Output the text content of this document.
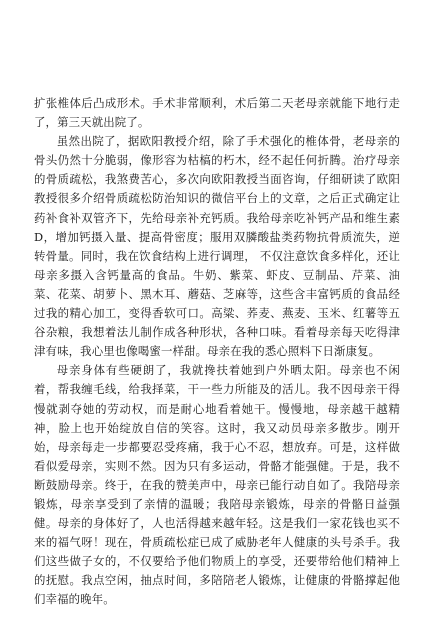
扩张椎体后凸成形术。手术非常顺利，术后第二天老母亲就能下地行走了，第三天就出院了。

虽然出院了，据欧阳教授介绍，除了手术强化的椎体骨，老母亲的骨头仍然十分脆弱，像形容为枯槁的朽木，经不起任何折腾。治疗母亲的骨质疏松，我煞费苦心，多次向欧阳教授当面咨询，仔细研读了欧阳教授很多介绍骨质疏松防治知识的微信平台上的文章，之后正式确定让药补食补双管齐下，先给母亲补充钙质。我给母亲吃补钙产品和维生素D，增加钙摄入量、提高骨密度；服用双膦酸盐类药物抗骨质流失，逆转骨量。同时，我在饮食结构上进行调理， 不仅注意饮食多样化，还让母亲多摄入含钙量高的食品。牛奶、紫菜、虾皮、豆制品、芹菜、油菜、花菜、胡萝卜、黑木耳、蘑菇、芝麻等，这些含丰富钙质的食品经过我的精心加工，变得香软可口。高粱、荞麦、燕麦、玉米、红薯等五谷杂粮，我想着法儿制作成各种形状，各种口味。看着母亲每天吃得津津有味，我心里也像喝蜜一样甜。母亲在我的悉心照料下日渐康复。

母亲身体有些硬朗了，我就搀扶着她到户外晒太阳。母亲也不闲着，帮我缠毛线，给我择菜，干一些力所能及的活儿。我不因母亲干得慢就剥夺她的劳动权，而是耐心地看着她干。慢慢地，母亲越干越精神，脸上也开始绽放自信的笑容。这时，我又动员母亲多散步。刚开始，母亲每走一步都要忍受疼痛，我于心不忍，想放弃。可是，这样做看似爱母亲，实则不然。因为只有多运动，骨骼才能强健。于是，我不断鼓励母亲。终于，在我的赞美声中，母亲已能行动自如了。我陪母亲锻炼，母亲享受到了亲情的温暖；我陪母亲锻炼，母亲的骨骼日益强健。母亲的身体好了，人也活得越来越年轻。这是我们一家花钱也买不来的福气呀！现在，骨质疏松症已成了威胁老年人健康的头号杀手。我们这些做子女的，不仅要给予他们物质上的享受，还要带给他们精神上的抚慰。我点空闲，抽点时间，多陪陪老人锻炼，让健康的骨骼撑起他们幸福的晚年。
